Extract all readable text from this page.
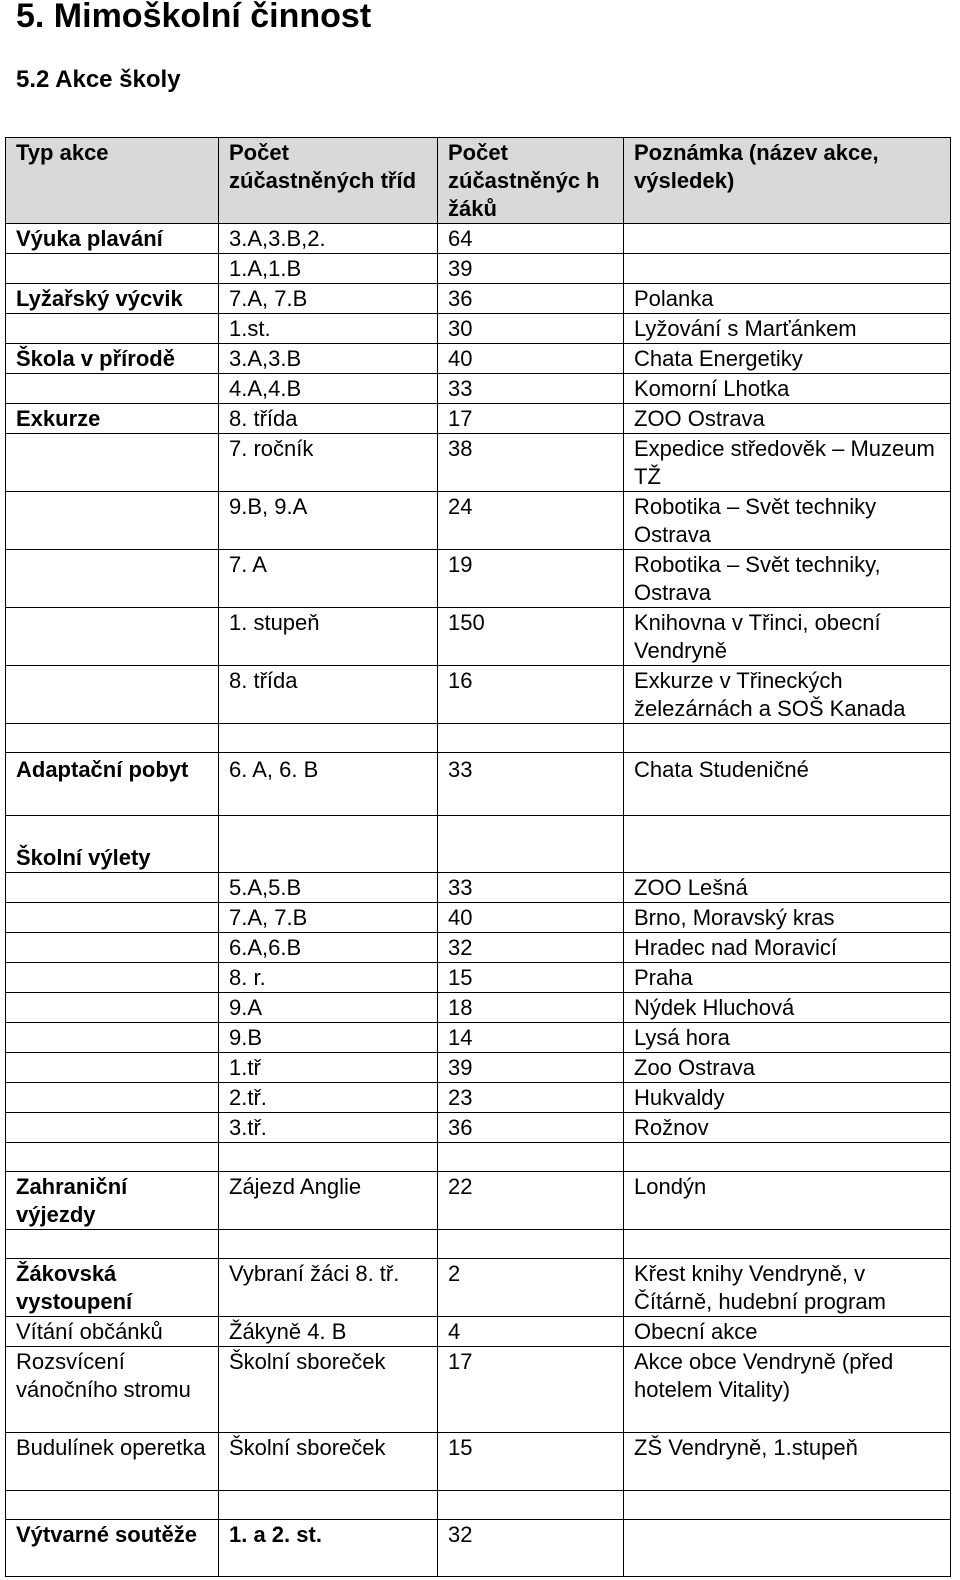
5. Mimoškolní činnost
5.2 Akce školy
Typ akce	Počet zúčastněných tříd	Počet zúčastněnýc h žáků	Poznámka (název akce, výsledek)
Výuka plavání	3.A,3.B,2.	64	
	1.A,1.B	39	
Lyžařský výcvik	7.A, 7.B	36	Polanka
	1.st.	30	Lyžování s Marťánkem
Škola v přírodě	3.A,3.B	40	Chata Energetiky
	4.A,4.B	33	Komorní Lhotka
Exkurze	8. třída	17	ZOO Ostrava
	7. ročník	38	Expedice středověk – Muzeum TŽ
	9.B, 9.A	24	Robotika – Svět techniky Ostrava
	7. A	19	Robotika – Svět techniky, Ostrava
	1. stupeň	150	Knihovna v Třinci, obecní Vendryně
	8. třída	16	Exkurze v Třineckých železárnách a SOŠ Kanada

Adaptační pobyt	6. A, 6. B	33	Chata Studeničné
Školní výlety			
	5.A,5.B	33	ZOO Lešná
	7.A, 7.B	40	Brno, Moravský kras
	6.A,6.B	32	Hradec nad Moravicí
	8. r.	15	Praha
	9.A	18	Nýdek Hluchová
	9.B	14	Lysá hora
	1.tř	39	Zoo Ostrava
	2.tř.	23	Hukvaldy
	3.tř.	36	Rožnov

Zahraniční výjezdy	Zájezd Anglie	22	Londýn

Žákovská vystoupení	Vybraní žáci 8. tř.	2	Křest knihy Vendryně, v Čítárně, hudební program
Vítání občánků	Žákyně 4. B	4	Obecní akce
Rozsvícení vánočního stromu	Školní sboreček	17	Akce obce Vendryně (před hotelem Vitality)
Budulínek operetka	Školní sboreček	15	ZŠ Vendryně, 1.stupeň

Výtvarné soutěže	1. a 2. st.	32	
